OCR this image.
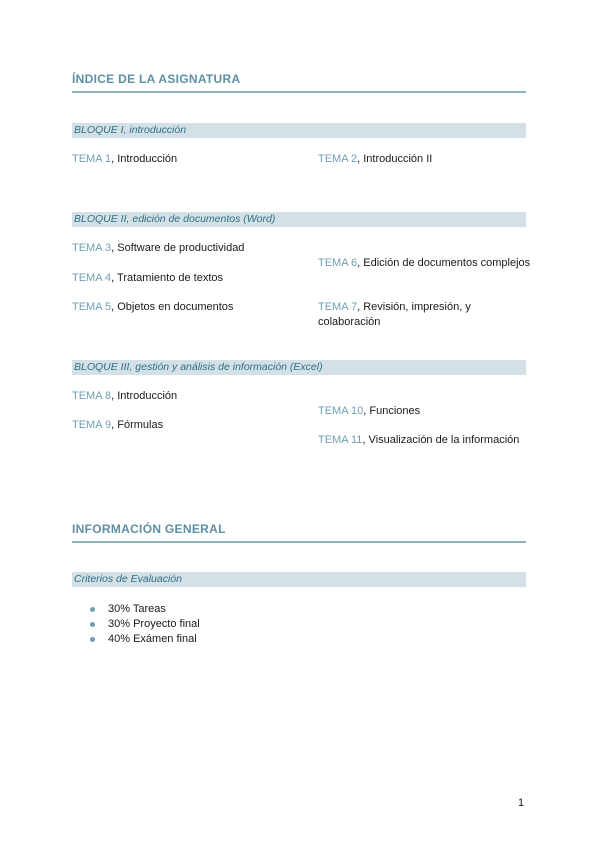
ÍNDICE DE LA ASIGNATURA
BLOQUE I, introducción
TEMA 1, Introducción	TEMA 2, Introducción II
BLOQUE II, edición de documentos (Word)
TEMA 3, Software de productividad
TEMA 4, Tratamiento de textos
TEMA 5, Objetos en documentos
TEMA 6, Edición de documentos complejos
TEMA 7, Revisión, impresión, y colaboración
BLOQUE III, gestión y análisis de información (Excel)
TEMA 8, Introducción
TEMA 9, Fórmulas
TEMA 10, Funciones
TEMA 11, Visualización de la información
INFORMACIÓN GENERAL
Criterios de Evaluación
30% Tareas
30% Proyecto final
40% Exámen final
1
